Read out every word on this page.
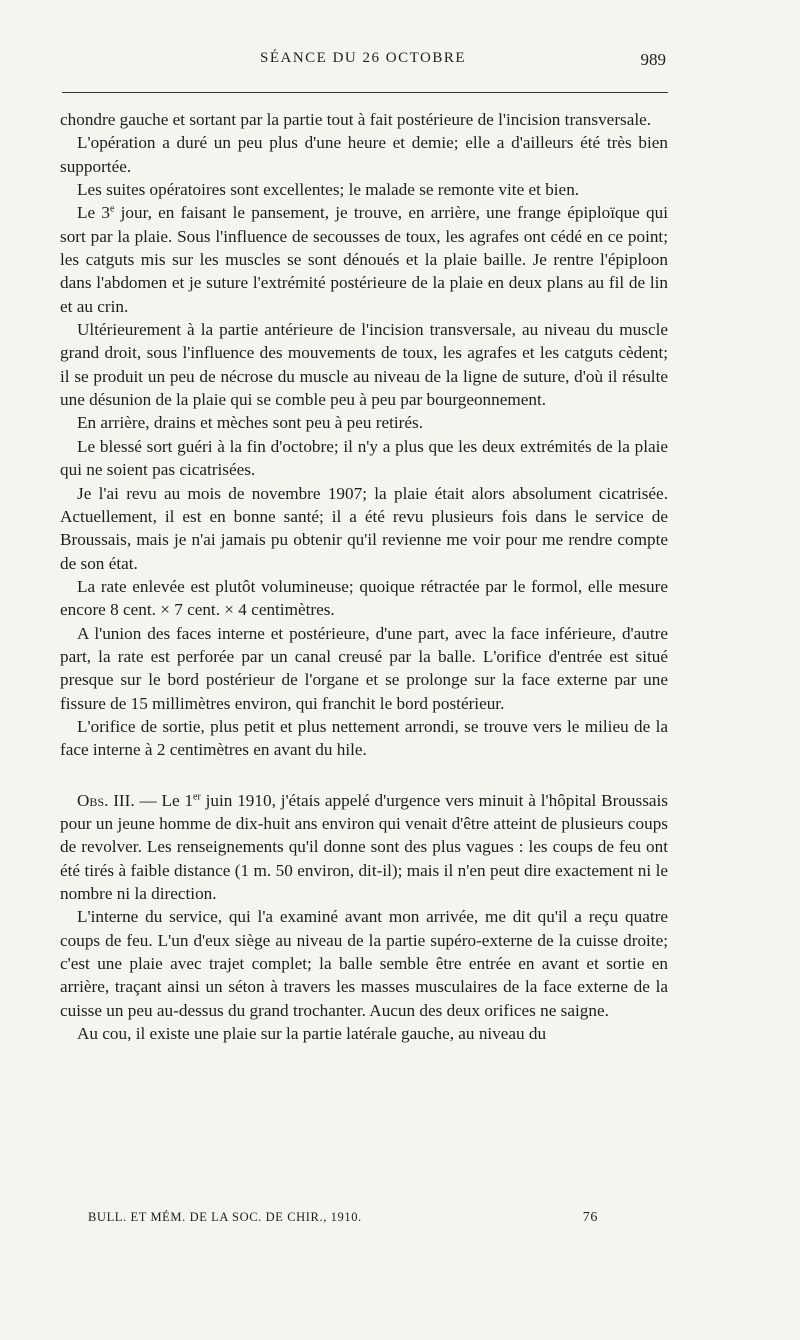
SÉANCE DU 26 OCTOBRE	989

chondre gauche et sortant par la partie tout à fait postérieure de l'incision transversale.

L'opération a duré un peu plus d'une heure et demie; elle a d'ailleurs été très bien supportée.

Les suites opératoires sont excellentes; le malade se remonte vite et bien.

Le 3e jour, en faisant le pansement, je trouve, en arrière, une frange épiploïque qui sort par la plaie. Sous l'influence de secousses de toux, les agrafes ont cédé en ce point; les catguts mis sur les muscles se sont dénoués et la plaie baille. Je rentre l'épiploon dans l'abdomen et je suture l'extrémité postérieure de la plaie en deux plans au fil de lin et au crin.

Ultérieurement à la partie antérieure de l'incision transversale, au niveau du muscle grand droit, sous l'influence des mouvements de toux, les agrafes et les catguts cèdent; il se produit un peu de nécrose du muscle au niveau de la ligne de suture, d'où il résulte une désunion de la plaie qui se comble peu à peu par bourgeonnement.

En arrière, drains et mèches sont peu à peu retirés.

Le blessé sort guéri à la fin d'octobre; il n'y a plus que les deux extrémités de la plaie qui ne soient pas cicatrisées.

Je l'ai revu au mois de novembre 1907; la plaie était alors absolument cicatrisée. Actuellement, il est en bonne santé; il a été revu plusieurs fois dans le service de Broussais, mais je n'ai jamais pu obtenir qu'il revienne me voir pour me rendre compte de son état.

La rate enlevée est plutôt volumineuse; quoique rétractée par le formol, elle mesure encore 8 cent. × 7 cent. × 4 centimètres.

A l'union des faces interne et postérieure, d'une part, avec la face inférieure, d'autre part, la rate est perforée par un canal creusé par la balle. L'orifice d'entrée est situé presque sur le bord postérieur de l'organe et se prolonge sur la face externe par une fissure de 15 millimètres environ, qui franchit le bord postérieur.

L'orifice de sortie, plus petit et plus nettement arrondi, se trouve vers le milieu de la face interne à 2 centimètres en avant du hile.

Obs. III. — Le 1er juin 1910, j'étais appelé d'urgence vers minuit à l'hôpital Broussais pour un jeune homme de dix-huit ans environ qui venait d'être atteint de plusieurs coups de revolver. Les renseignements qu'il donne sont des plus vagues : les coups de feu ont été tirés à faible distance (1 m. 50 environ, dit-il); mais il n'en peut dire exactement ni le nombre ni la direction.

L'interne du service, qui l'a examiné avant mon arrivée, me dit qu'il a reçu quatre coups de feu. L'un d'eux siège au niveau de la partie supéro-externe de la cuisse droite; c'est une plaie avec trajet complet; la balle semble être entrée en avant et sortie en arrière, traçant ainsi un séton à travers les masses musculaires de la face externe de la cuisse un peu au-dessus du grand trochanter. Aucun des deux orifices ne saigne.

Au cou, il existe une plaie sur la partie latérale gauche, au niveau du

BULL. ET MÉM. DE LA SOC. DE CHIR., 1910.	76
